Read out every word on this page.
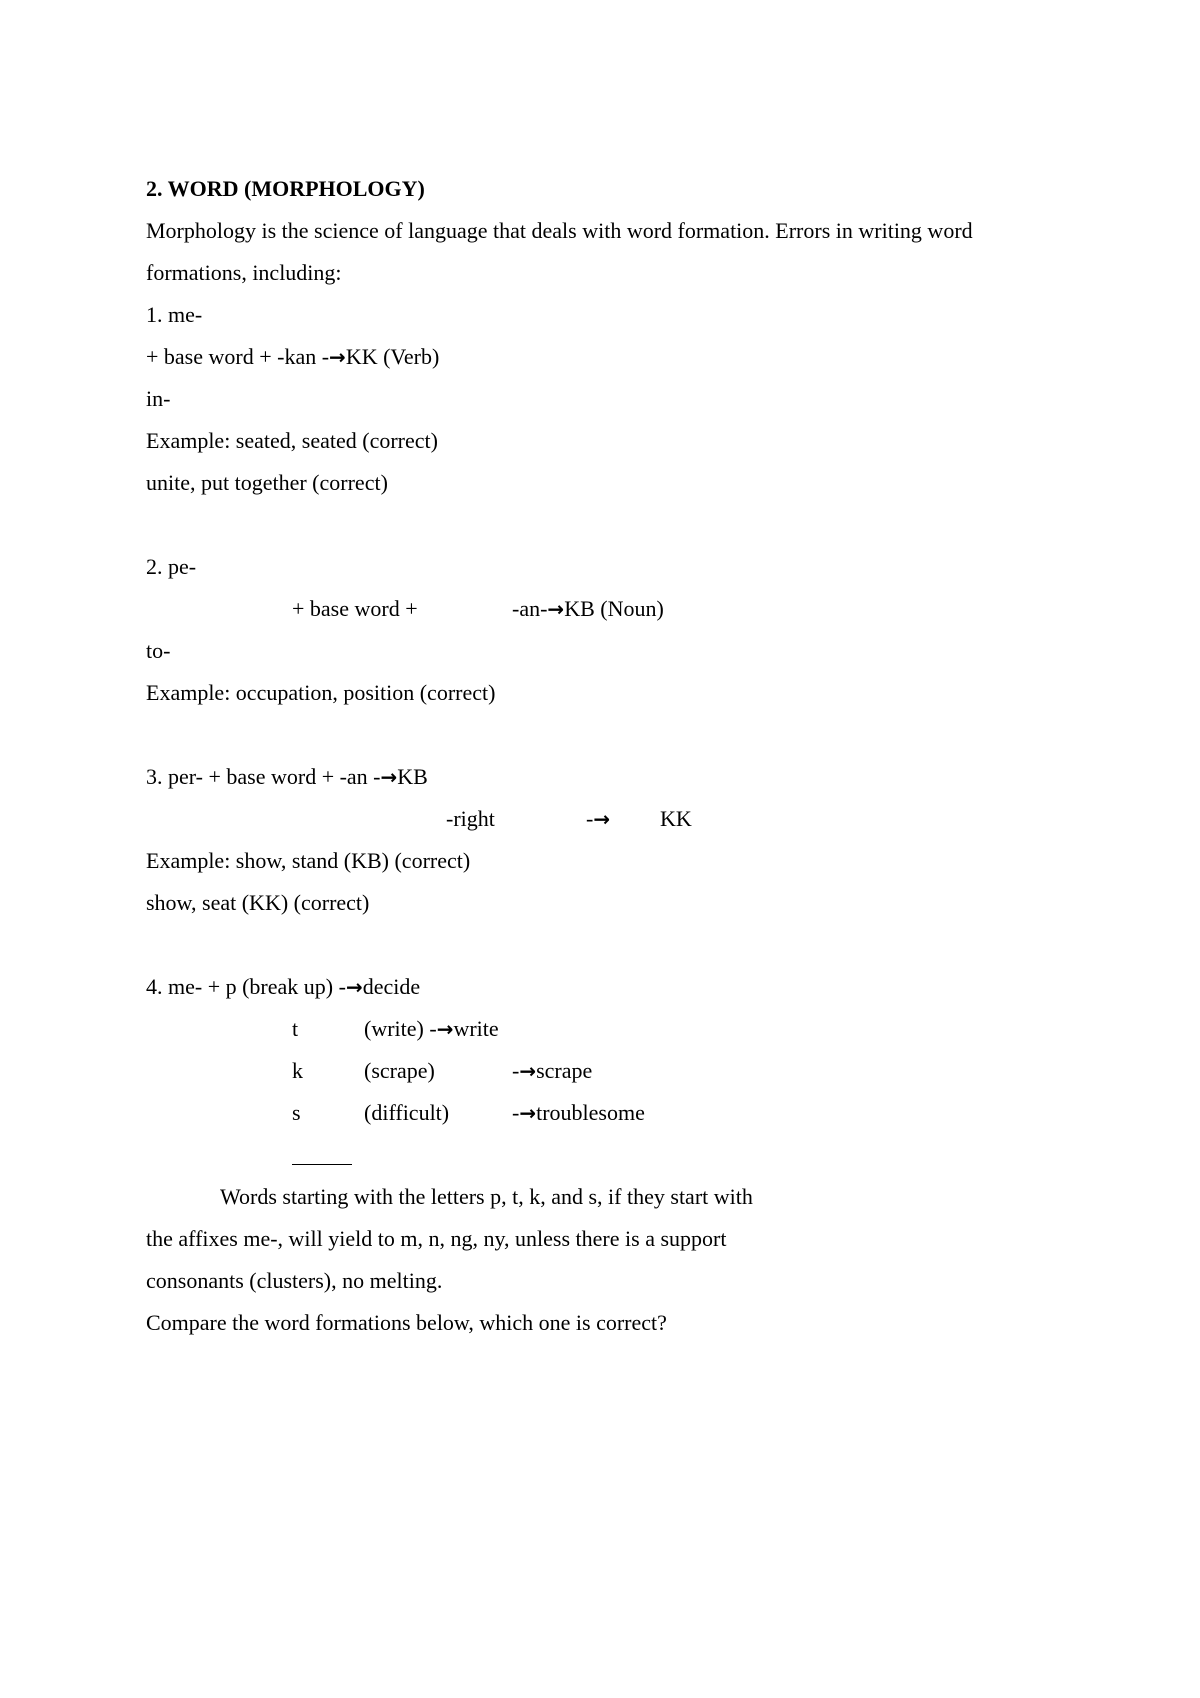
2. WORD (MORPHOLOGY)
Morphology is the science of language that deals with word formation. Errors in writing word
formations, including:
1. me-
+ base word + -kan -→KK (Verb)
in-
Example: seated, seated (correct)
unite, put together (correct)
2. pe-
+ base word +	-an-→KB (Noun)
to-
Example: occupation, position (correct)
3. per- + base word + -an -→KB
-right	-→ KK
Example: show, stand (KB) (correct)
show, seat (KK) (correct)
4. me- + p (break up) -→decide
t	(write) -→write
k	(scrape)	-→scrape
s	(difficult)	-→troublesome
Words starting with the letters p, t, k, and s, if they start with
the affixes me-, will yield to m, n, ng, ny, unless there is a support
consonants (clusters), no melting.
Compare the word formations below, which one is correct?
